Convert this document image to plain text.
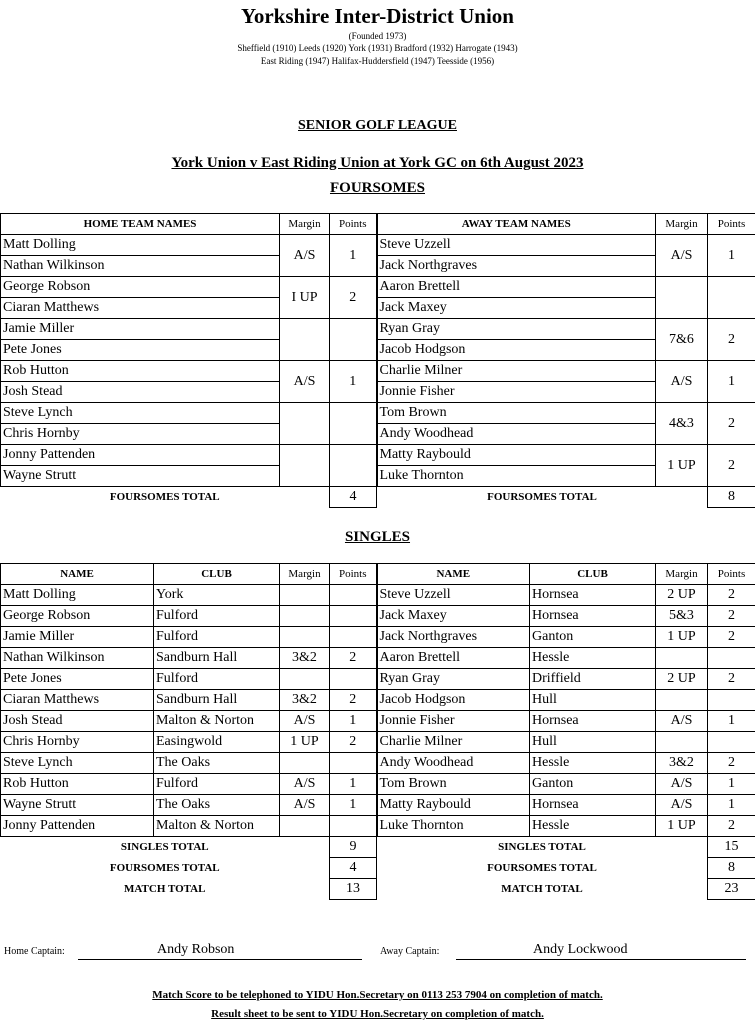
Yorkshire Inter-District Union
(Founded 1973)
Sheffield (1910) Leeds (1920) York (1931) Bradford (1932) Harrogate (1943)
East Riding (1947) Halifax-Huddersfield (1947) Teesside (1956)
SENIOR GOLF LEAGUE
York Union v East Riding Union at York GC on 6th August 2023
FOURSOMES
HOME TEAM NAMES	Margin	Points	AWAY TEAM NAMES	Margin	Points
Matt Dolling	A/S	1	Steve Uzzell	A/S	1
Nathan Wilkinson			Jack Northgraves		
George Robson	I UP	2	Aaron Brettell		
Ciaran Matthews			Jack Maxey		
Jamie Miller			Ryan Gray	7&6	2
Pete Jones			Jacob Hodgson		
Rob Hutton	A/S	1	Charlie Milner	A/S	1
Josh Stead			Jonnie Fisher		
Steve Lynch			Tom Brown	4&3	2
Chris Hornby			Andy Woodhead		
Jonny Pattenden			Matty Raybould	1 UP	2
Wayne Strutt			Luke Thornton		
FOURSOMES TOTAL		4	FOURSOMES TOTAL		8
SINGLES
NAME	CLUB	Margin	Points	NAME	CLUB	Margin	Points
Matt Dolling	York			Steve Uzzell	Hornsea	2 UP	2
George Robson	Fulford			Jack Maxey	Hornsea	5&3	2
Jamie Miller	Fulford			Jack Northgraves	Ganton	1 UP	2
Nathan Wilkinson	Sandburn Hall	3&2	2	Aaron Brettell	Hessle		
Pete Jones	Fulford			Ryan Gray	Driffield	2 UP	2
Ciaran Matthews	Sandburn Hall	3&2	2	Jacob Hodgson	Hull		
Josh Stead	Malton & Norton	A/S	1	Jonnie Fisher	Hornsea	A/S	1
Chris Hornby	Easingwold	1 UP	2	Charlie Milner	Hull		
Steve Lynch	The Oaks			Andy Woodhead	Hessle	3&2	2
Rob Hutton	Fulford	A/S	1	Tom Brown	Ganton	A/S	1
Wayne Strutt	The Oaks	A/S	1	Matty Raybould	Hornsea	A/S	1
Jonny Pattenden	Malton & Norton			Luke Thornton	Hessle	1 UP	2
SINGLES TOTAL			9	SINGLES TOTAL			15
FOURSOMES TOTAL			4	FOURSOMES TOTAL			8
MATCH TOTAL			13	MATCH TOTAL			23
Home Captain:	Andy Robson	Away Captain:	Andy Lockwood
Match Score to be telephoned to YIDU Hon.Secretary on 0113 253 7904 on completion of match.
Result sheet to be sent to YIDU Hon.Secretary on completion of match.
